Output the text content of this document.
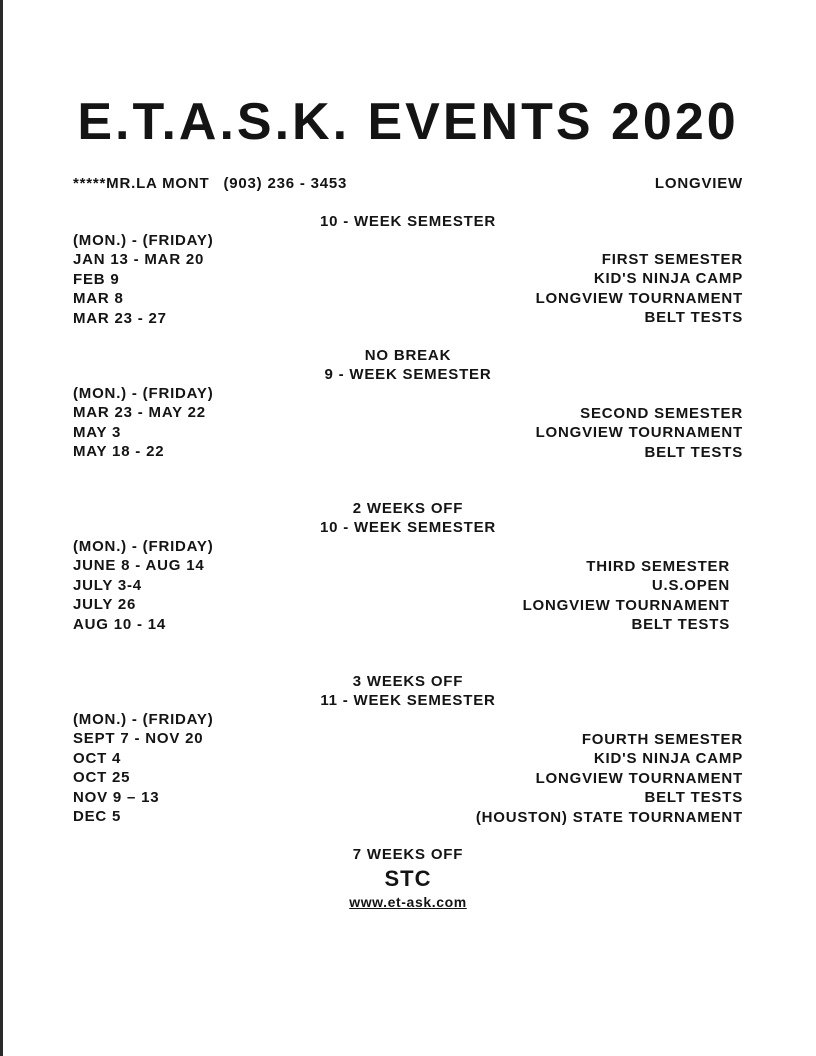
E.T.A.S.K. EVENTS 2020
*****MR.LA MONT (903) 236 - 3453	LONGVIEW
10 - WEEK SEMESTER
(MON.) - (FRIDAY)
JAN 13 - MAR 20
FEB 9
MAR 8
MAR 23 - 27
FIRST SEMESTER
KID'S NINJA CAMP
LONGVIEW TOURNAMENT
BELT TESTS
NO BREAK
9 - WEEK SEMESTER
(MON.) - (FRIDAY)
MAR 23 - MAY 22
MAY 3
MAY 18 - 22
SECOND SEMESTER
LONGVIEW TOURNAMENT
BELT TESTS
2 WEEKS OFF
10 - WEEK SEMESTER
(MON.) - (FRIDAY)
JUNE 8 - AUG 14
JULY 3-4
JULY 26
AUG 10 - 14
THIRD SEMESTER
U.S.OPEN
LONGVIEW TOURNAMENT
BELT TESTS
3 WEEKS OFF
11 - WEEK SEMESTER
(MON.) - (FRIDAY)
SEPT 7 - NOV 20
OCT 4
OCT 25
NOV 9 – 13
DEC 5
FOURTH SEMESTER
KID'S NINJA CAMP
LONGVIEW TOURNAMENT
BELT TESTS
(HOUSTON) STATE TOURNAMENT
7 WEEKS OFF
STC
www.et-ask.com
